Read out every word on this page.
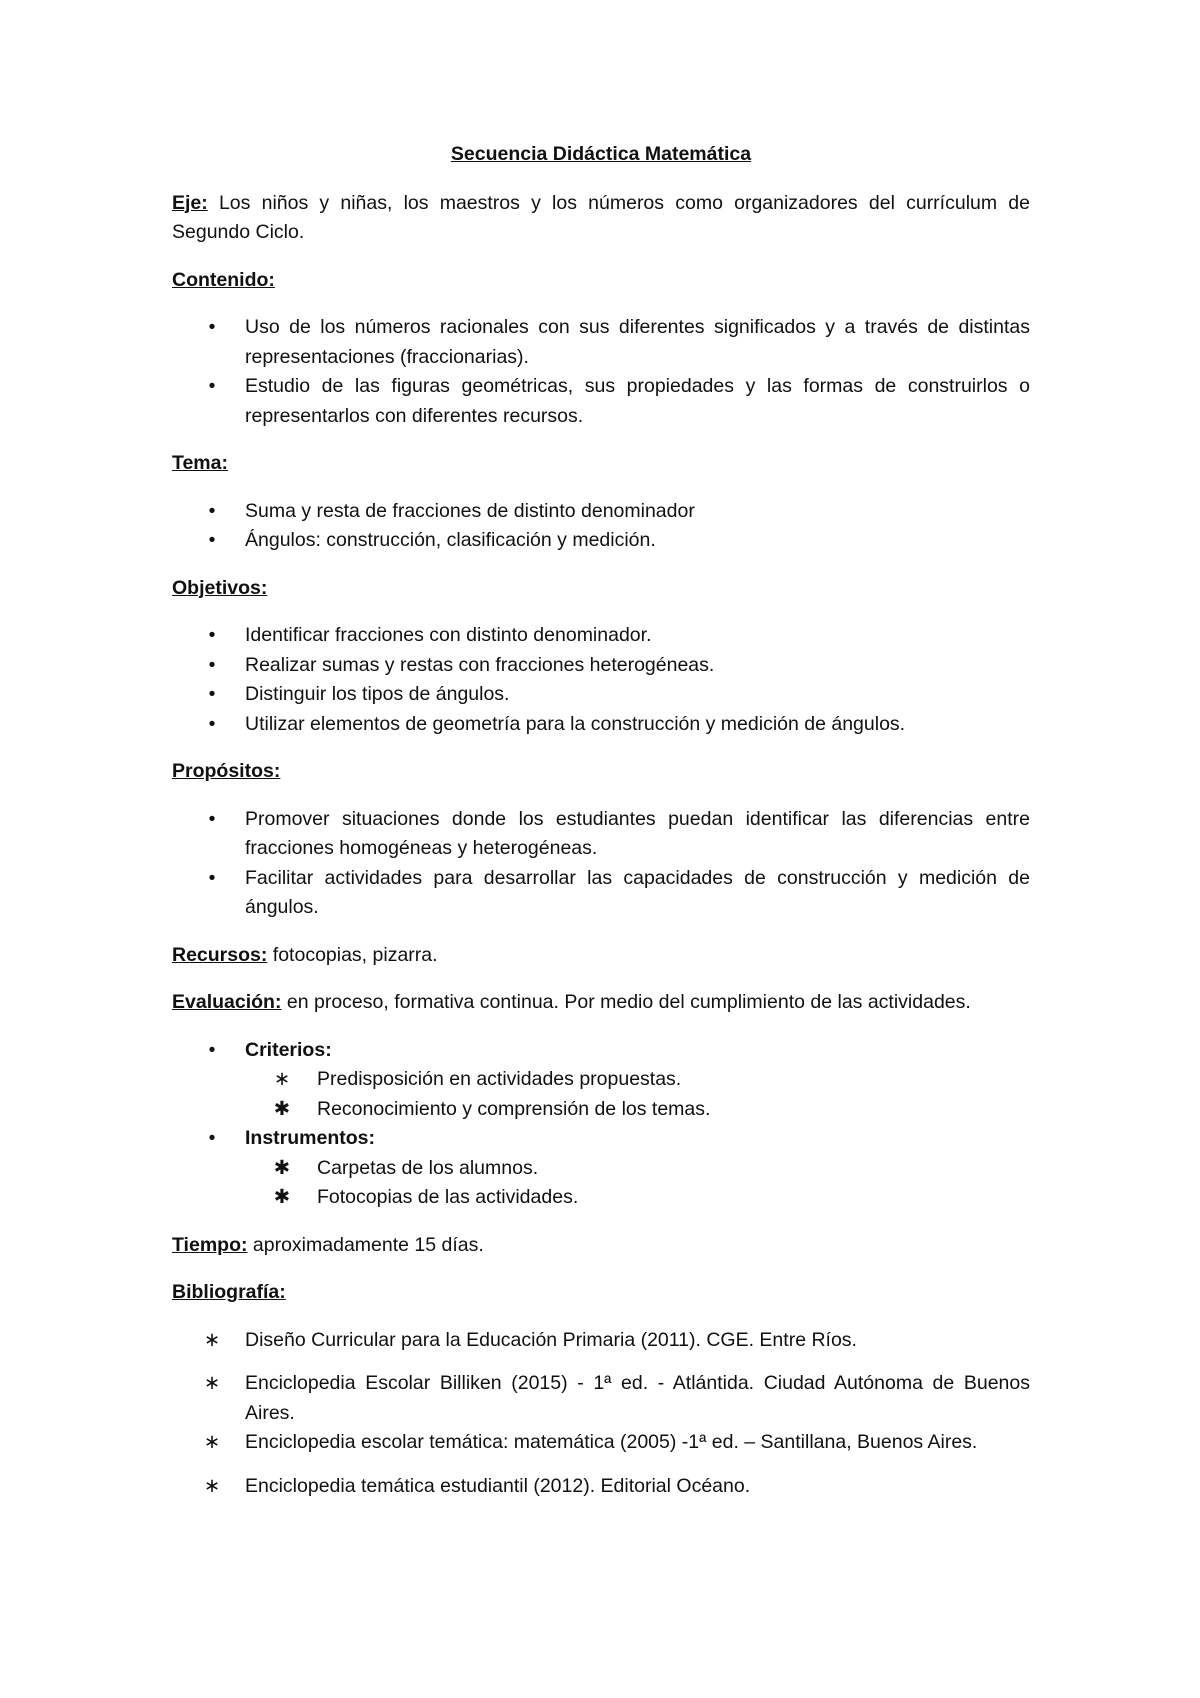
Secuencia Didáctica Matemática

Eje: Los niños y niñas, los maestros y los números como organizadores del currículum de Segundo Ciclo.

Contenido:

•	Uso de los números racionales con sus diferentes significados y a través de distintas representaciones (fraccionarias).
•	Estudio de las figuras geométricas, sus propiedades y las formas de construirlos o representarlos con diferentes recursos.

Tema:

•	Suma y resta de fracciones de distinto denominador
•	Ángulos: construcción, clasificación y medición.

Objetivos:

•	Identificar fracciones con distinto denominador.
•	Realizar sumas y restas con fracciones heterogéneas.
•	Distinguir los tipos de ángulos.
•	Utilizar elementos de geometría para la construcción y medición de ángulos.

Propósitos:

•	Promover situaciones donde los estudiantes puedan identificar las diferencias entre fracciones homogéneas y heterogéneas.
•	Facilitar actividades para desarrollar las capacidades de construcción y medición de ángulos.

Recursos: fotocopias, pizarra.

Evaluación: en proceso, formativa continua. Por medio del cumplimiento de las actividades.

•	Criterios:
∗ Predisposición en actividades propuestas.
✱ Reconocimiento y comprensión de los temas.
•	Instrumentos:
✱ Carpetas de los alumnos.
✱ Fotocopias de las actividades.

Tiempo: aproximadamente 15 días.

Bibliografía:

∗ Diseño Curricular para la Educación Primaria (2011). CGE. Entre Ríos.
∗ Enciclopedia Escolar Billiken (2015) - 1ª ed. - Atlántida. Ciudad Autónoma de Buenos Aires.
∗ Enciclopedia escolar temática: matemática (2005) -1ª ed. – Santillana, Buenos Aires.
∗ Enciclopedia temática estudiantil (2012). Editorial Océano.
